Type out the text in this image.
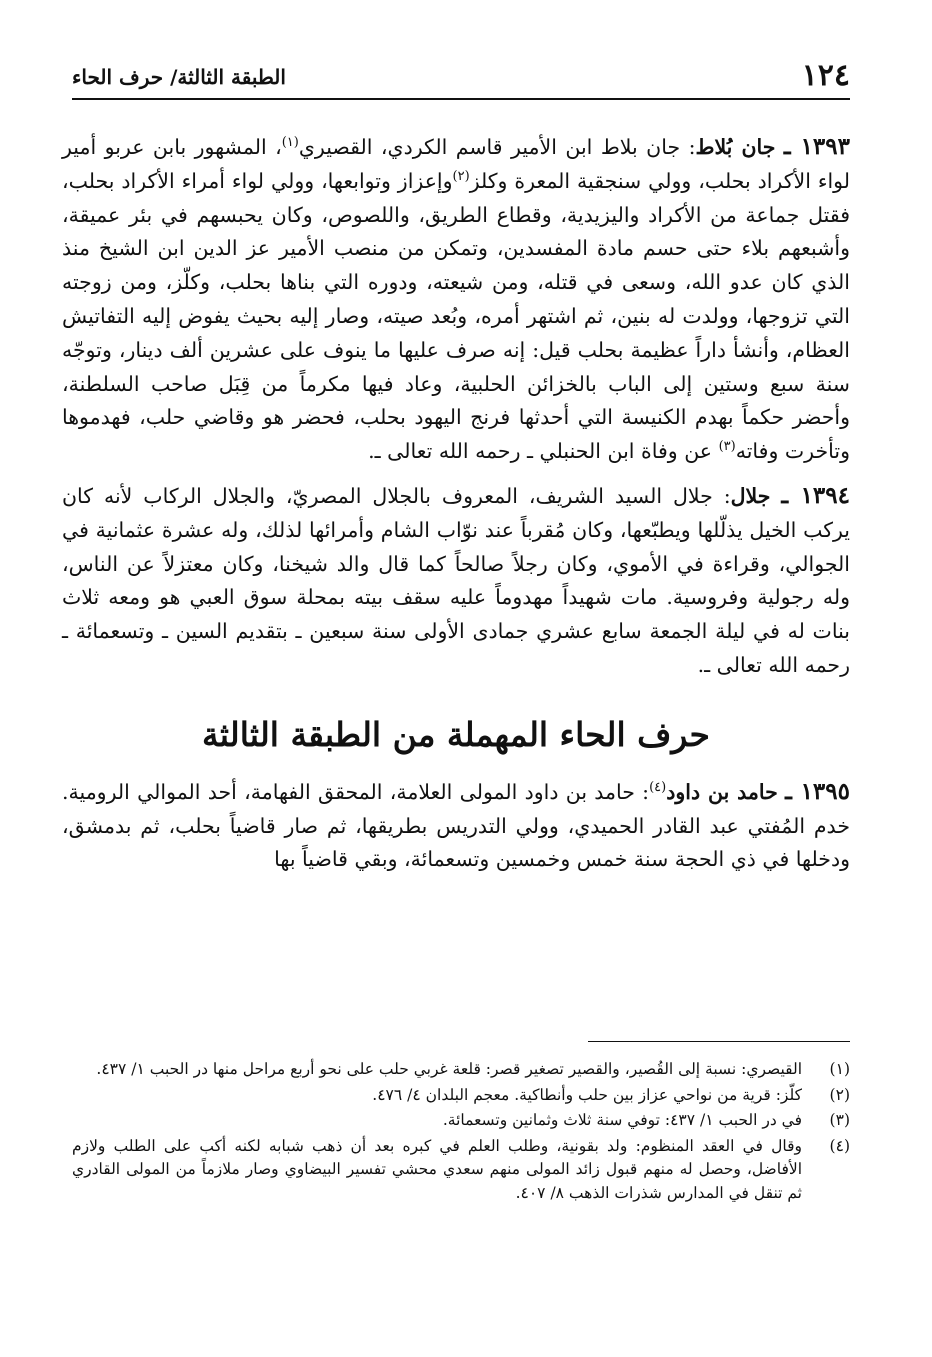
١٢٤
الطبقة الثالثة/ حرف الحاء

١٣٩٣ ـ جان بُلاط: جان بلاط ابن الأمير قاسم الكردي، القصيري$^{(١)}$، المشهور بابن عربو أمير لواء الأكراد بحلب، وولي سنجقية المعرة وكلز$^{(٢)}$وإعزاز وتوابعها، وولي لواء أمراء الأكراد بحلب، فقتل جماعة من الأكراد واليزيدية، وقطاع الطريق، واللصوص، وكان يحبسهم في بئر عميقة، وأشبعهم بلاء حتى حسم مادة المفسدين، وتمكن من منصب الأمير عز الدين ابن الشيخ منذ الذي كان عدو الله، وسعى في قتله، ومن شيعته، ودوره التي بناها بحلب، وكلّز، ومن زوجته التي تزوجها، وولدت له بنين، ثم اشتهر أمره، وبُعد صيته، وصار إليه بحيث يفوض إليه التفاتيش العظام، وأنشأ داراً عظيمة بحلب قيل: إنه صرف عليها ما ينوف على عشرين ألف دينار، وتوجّه سنة سبع وستين إلى الباب بالخزائن الحلبية، وعاد فيها مكرماً من قِبَل صاحب السلطنة، وأحضر حكماً بهدم الكنيسة التي أحدثها فرنج اليهود بحلب، فحضر هو وقاضي حلب، فهدموها وتأخرت وفاته$^{(٣)}$ عن وفاة ابن الحنبلي ـ رحمه الله تعالى ـ.

١٣٩٤ ـ جلال: جلال السيد الشريف، المعروف بالجلال المصريّ، والجلال الركاب لأنه كان يركب الخيل يذلّلها ويطبّعها، وكان مُقرباً عند نوّاب الشام وأمرائها لذلك، وله عشرة عثمانية في الجوالي، وقراءة في الأموي، وكان رجلاً صالحاً كما قال والد شيخنا، وكان معتزلاً عن الناس، وله رجولية وفروسية. مات شهيداً مهدوماً عليه سقف بيته بمحلة سوق العبي هو ومعه ثلاث بنات له في ليلة الجمعة سابع عشري جمادى الأولى سنة سبعين ـ بتقديم السين ـ وتسعمائة ـ رحمه الله تعالى ـ.

حرف الحاء المهملة من الطبقة الثالثة

١٣٩٥ ـ حامد بن داود$^{(٤)}$: حامد بن داود المولى العلامة، المحقق الفهامة، أحد الموالي الرومية. خدم المُفتي عبد القادر الحميدي، وولي التدريس بطريقها، ثم صار قاضياً بحلب، ثم بدمشق، ودخلها في ذي الحجة سنة خمس وخمسين وتسعمائة، وبقي قاضياً بها

(١)
القيصري: نسبة إلى القُصير، والقصير تصغير قصر: قلعة غربي حلب على نحو أربع مراحل منها در الحبب ١/ ٤٣٧.
(٢)
كلّز: قرية من نواحي عزاز بين حلب وأنطاكية. معجم البلدان ٤/ ٤٧٦.
(٣)
في در الحبب ١/ ٤٣٧: توفي سنة ثلاث وثمانين وتسعمائة.
(٤)
وقال في العقد المنظوم: ولد بقونية، وطلب العلم في كبره بعد أن ذهب شبابه لكنه أكب على الطلب ولازم الأفاضل، وحصل له منهم قبول زائد المولى منهم سعدي محشي تفسير البيضاوي وصار ملازماً من المولى القادري ثم تنقل في المدارس شذرات الذهب ٨/ ٤٠٧.
